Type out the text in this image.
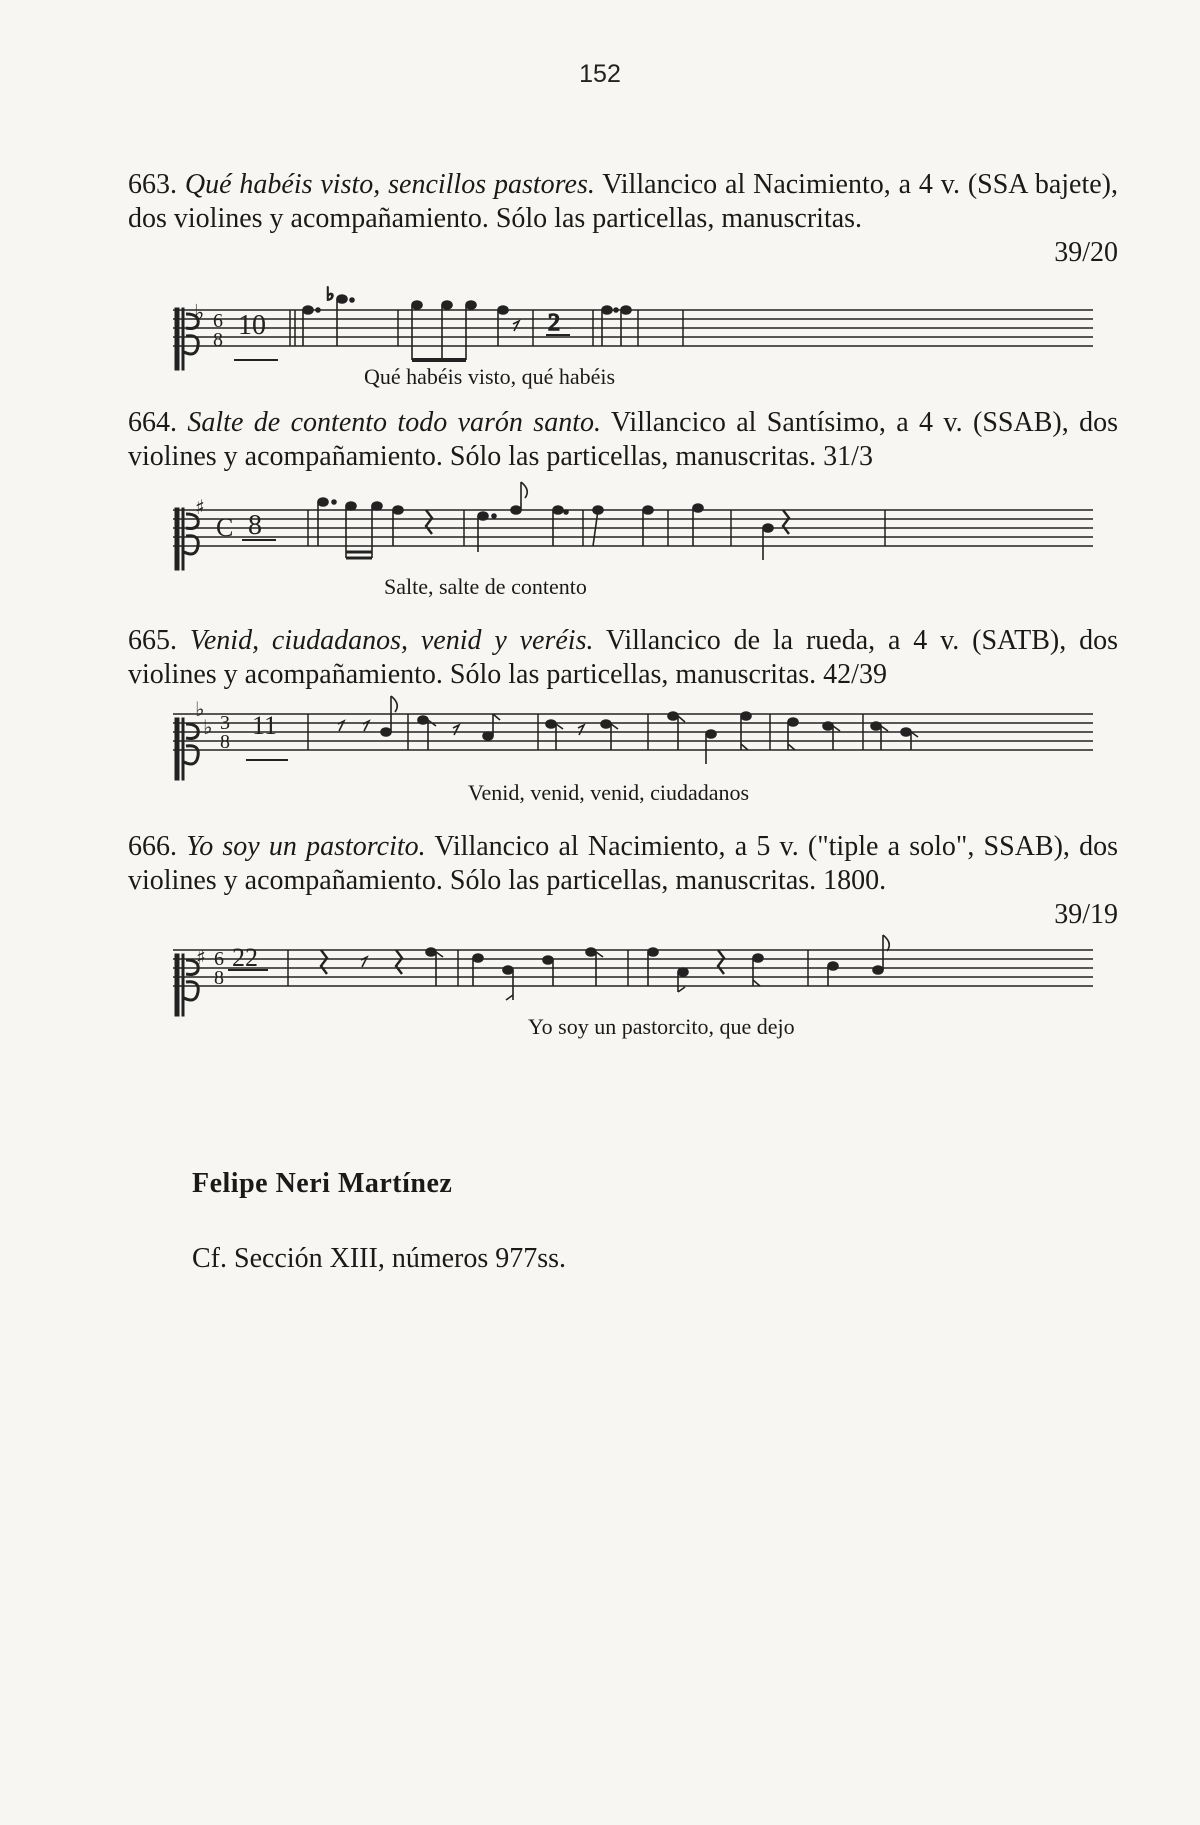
152

663. Qué habéis visto, sencillos pastores. Villancico al Nacimiento, a 4 v. (SSA bajete), dos violines y acompañamiento. Sólo las particellas, manuscritas.

39/20

♭ 6
8 10
♭
2
Qué habéis visto, qué habéis

664. Salte de contento todo varón santo. Villancico al Santísimo, a 4 v. (SSAB), dos violines y acompañamiento. Sólo las particellas, manuscritas. 31/3

♯
C 8
Salte, salte de contento

665. Venid, ciudadanos, venid y veréis. Villancico de la rueda, a 4 v. (SATB), dos violines y acompañamiento. Sólo las particellas, manuscritas. 42/39

♭
♭ 3
8
11
Venid, venid, venid, ciudadanos

666. Yo soy un pastorcito. Villancico al Nacimiento, a 5 v. ("tiple a solo", SSAB), dos violines y acompañamiento. Sólo las particellas, manuscritas. 1800.

39/19

♯ 6
8
22
Yo soy un pastorcito, que dejo
Felipe Neri Martínez
Cf. Sección XIII, números 977ss.
